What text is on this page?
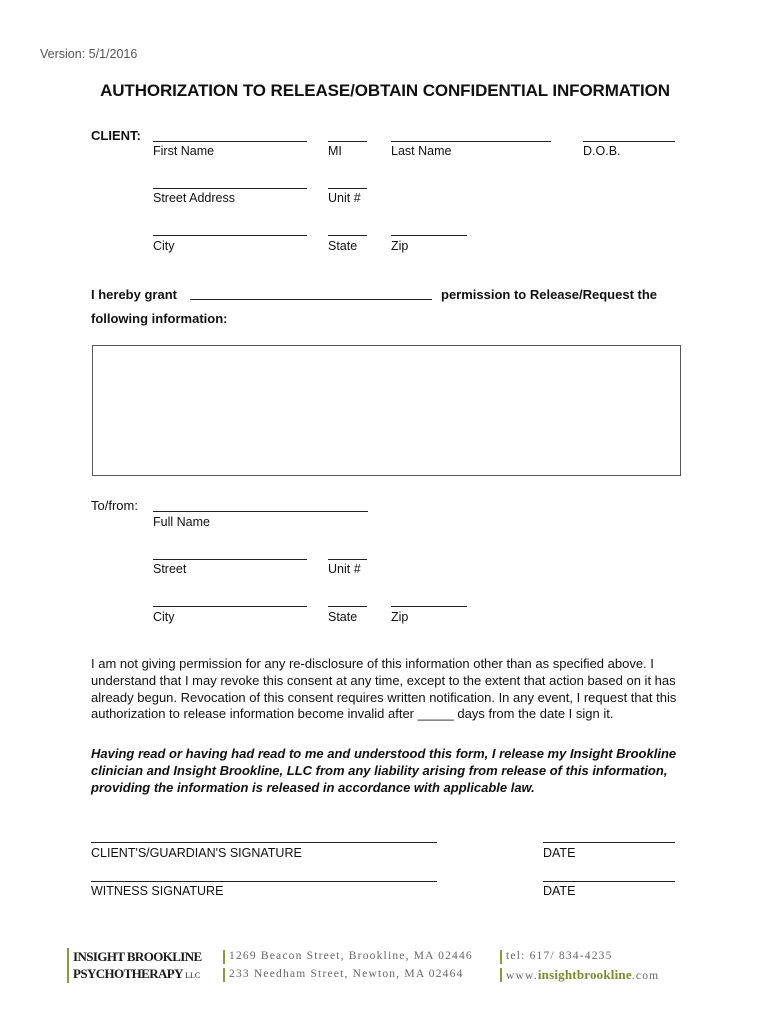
Version: 5/1/2016
AUTHORIZATION TO RELEASE/OBTAIN CONFIDENTIAL INFORMATION
CLIENT:
First Name	MI	Last Name	D.O.B.
Street Address	Unit #
City	State	Zip
I hereby grant	permission to Release/Request the
following information:
To/from:
Full Name
Street	Unit #
City	State	Zip
I am not giving permission for any re-disclosure of this information other than as specified above. I understand that I may revoke this consent at any time, except to the extent that action based on it has already begun. Revocation of this consent requires written notification. In any event, I request that this authorization to release information become invalid after _____ days from the date I sign it.
Having read or having had read to me and understood this form, I release my Insight Brookline clinician and Insight Brookline, LLC from any liability arising from release of this information, providing the information is released in accordance with applicable law.
CLIENT'S/GUARDIAN'S SIGNATURE	DATE
WITNESS SIGNATURE	DATE
INSIGHT BROOKLINE
PSYCHOTHERAPY LLC
1269 Beacon Street, Brookline, MA 02446
233 Needham Street, Newton, MA 02464
tel: 617/ 834-4235
www.insightbrookline.com
